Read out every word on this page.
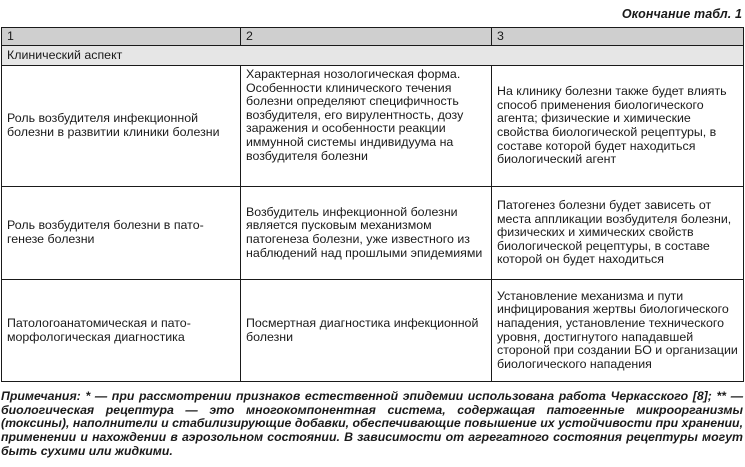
Окончание табл. 1
1	2	3
Клинический аспект		
Роль возбудителя инфекционной болезни в развитии клиники болезни	Характерная нозологическая форма. Особенности клинического течения болезни определяют специфичность возбудителя, его вирулентность, дозу заражения и особенности реакции иммунной системы индивидуума на возбудителя болезни	На клинику болезни также будет влиять способ применения биологического агента; физические и химические свойства биологической рецептуры, в составе которой будет находиться биологический агент
Роль возбудителя болезни в патогенезе болезни	Возбудитель инфекционной болезни является пусковым механизмом патогенеза болезни, уже известного из наблюдений над прошлыми эпидемиями	Патогенез болезни будет зависеть от места аппликации возбудителя болезни, физических и химических свойств биологической рецептуры, в составе которой он будет находиться
Патологоанатомическая и патоморфологическая диагностика	Посмертная диагностика инфекционной болезни	Установление механизма и пути инфицирования жертвы биологического нападения, установление технического уровня, достигнутого нападавшей стороной при создании БО и организации биологического нападения
Примечания: * — при рассмотрении признаков естественной эпидемии использована работа Черкасского [8]; ** — биологическая рецептура — это многокомпонентная система, содержащая патогенные микроорганизмы (токсины), наполнители и стабилизирующие добавки, обеспечивающие повышение их устойчивости при хранении, применении и нахождении в аэрозольном состоянии. В зависимости от агрегатного состояния рецептуры могут быть сухими или жидкими.
